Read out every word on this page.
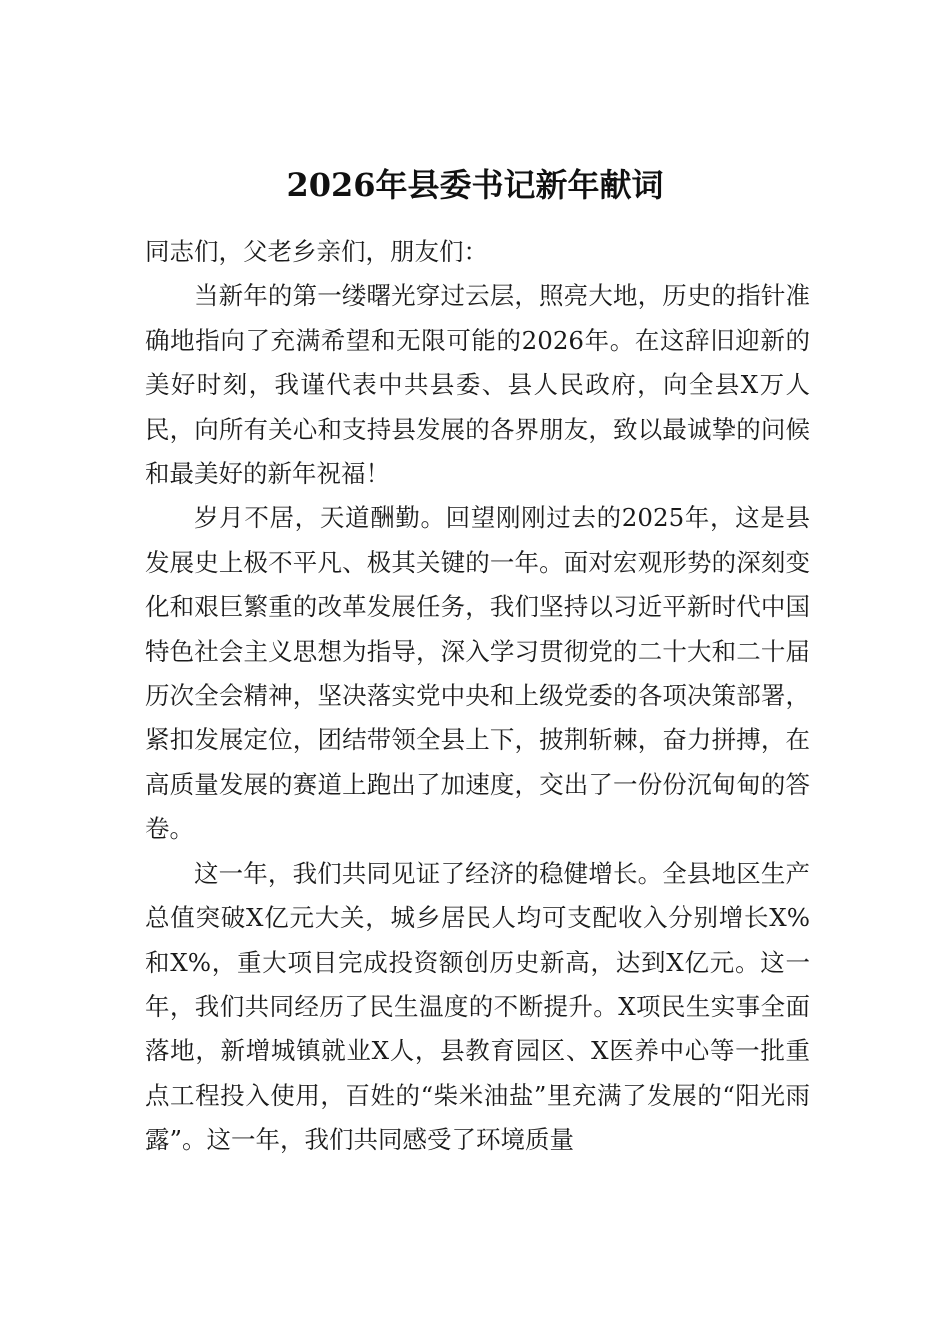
2026年县委书记新年献词

同志们，父老乡亲们，朋友们：

当新年的第一缕曙光穿过云层，照亮大地，历史的指针准确地指向了充满希望和无限可能的2026年。在这辞旧迎新的美好时刻，我谨代表中共县委、县人民政府，向全县X万人民，向所有关心和支持县发展的各界朋友，致以最诚挚的问候和最美好的新年祝福！

岁月不居，天道酬勤。回望刚刚过去的2025年，这是县发展史上极不平凡、极其关键的一年。面对宏观形势的深刻变化和艰巨繁重的改革发展任务，我们坚持以习近平新时代中国特色社会主义思想为指导，深入学习贯彻党的二十大和二十届历次全会精神，坚决落实党中央和上级党委的各项决策部署，紧扣发展定位，团结带领全县上下，披荆斩棘，奋力拼搏，在高质量发展的赛道上跑出了加速度，交出了一份份沉甸甸的答卷。

这一年，我们共同见证了经济的稳健增长。全县地区生产总值突破X亿元大关，城乡居民人均可支配收入分别增长X%和X%，重大项目完成投资额创历史新高，达到X亿元。这一年，我们共同经历了民生温度的不断提升。X项民生实事全面落地，新增城镇就业X人，县教育园区、X医养中心等一批重点工程投入使用，百姓的“柴米油盐”里充满了发展的“阳光雨露”。这一年，我们共同感受了环境质量
